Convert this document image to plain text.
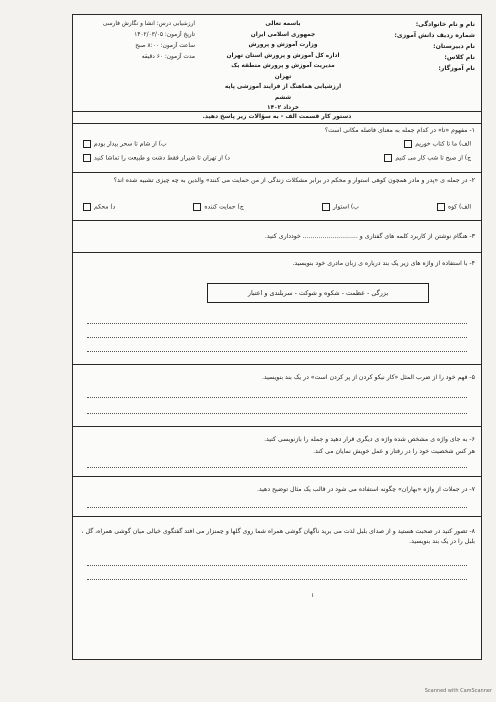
نام و نام خانوادگی:
شماره ردیف دانش آموزی:
نام دبیرستان:
نام کلاس:
نام آموزگار:
باسمه تعالی
جمهوری اسلامی ایران
وزارت آموزش و پرورش
اداره کل آموزش و پرورش استان تهران
مدیریت آموزش و پرورش منطقه یک تهران
ارزشیابی هماهنگ از فرایند آموزشی پایه ششم
خرداد ۱۴۰۲
ارزشیابی درس: انشا و نگارش فارسی
تاریخ آزمون: ۱۴۰۲/۰۳/۰۵
ساعت آزمون: ۸:۰۰ صبح
مدت آزمون: ۶۰ دقیقه
دستور کار قسمت الف - به سؤالات زیر پاسخ دهید.
۱- مفهوم «تا» در کدام جمله به معنای فاصله مکانی است؟
الف) ما تا کتاب خوریم
ب) از شام تا سحر بیدار بودم
ج) از صبح تا شب کار می کنیم
د) از تهران تا شیراز فقط دشت و طبیعت را تماشا کنید
۲- در جمله ی «پدر و مادر همچون کوهی استوار و محکم در برابر مشکلات زندگی از من حمایت می کنند» والدین به چه چیزی تشبیه شده اند؟
الف) کوه
ب) استوار
ج) حمایت کننده
د) محکم
۳- هنگام نوشتن از کاربرد کلمه های گفتاری و ............................ خودداری کنید.
۴- با استفاده از واژه های زیر یک بند درباره ی زبان مادری خود بنویسید.
بزرگی - عظمت - شکوه و شوکت - سربلندی و اعتبار
۵- فهم خود را از ضرب المثل «کار نیکو کردن از پر کردن است» در یک بند بنویسید.
۶- به جای واژه ی مشخص شده واژه ی دیگری قرار دهید و جمله را بازنویسی کنید.
هر کس شخصیت خود را در رفتار و عمل خویش نمایان می کند.
۷- در جملات از واژه «بهاران» چگونه استفاده می شود در قالب یک مثال توضیح دهید.
۸- تصور کنید در صحبت هستید و از صدای بلبل لذت می برید ناگهان گوشی همراه شما روی گلها و چمنزار می افتد گفتگوی خیالی میان گوشی همراه، گل ، بلبل را در یک بند بنویسید.
۱
Scanned with CamScanner
